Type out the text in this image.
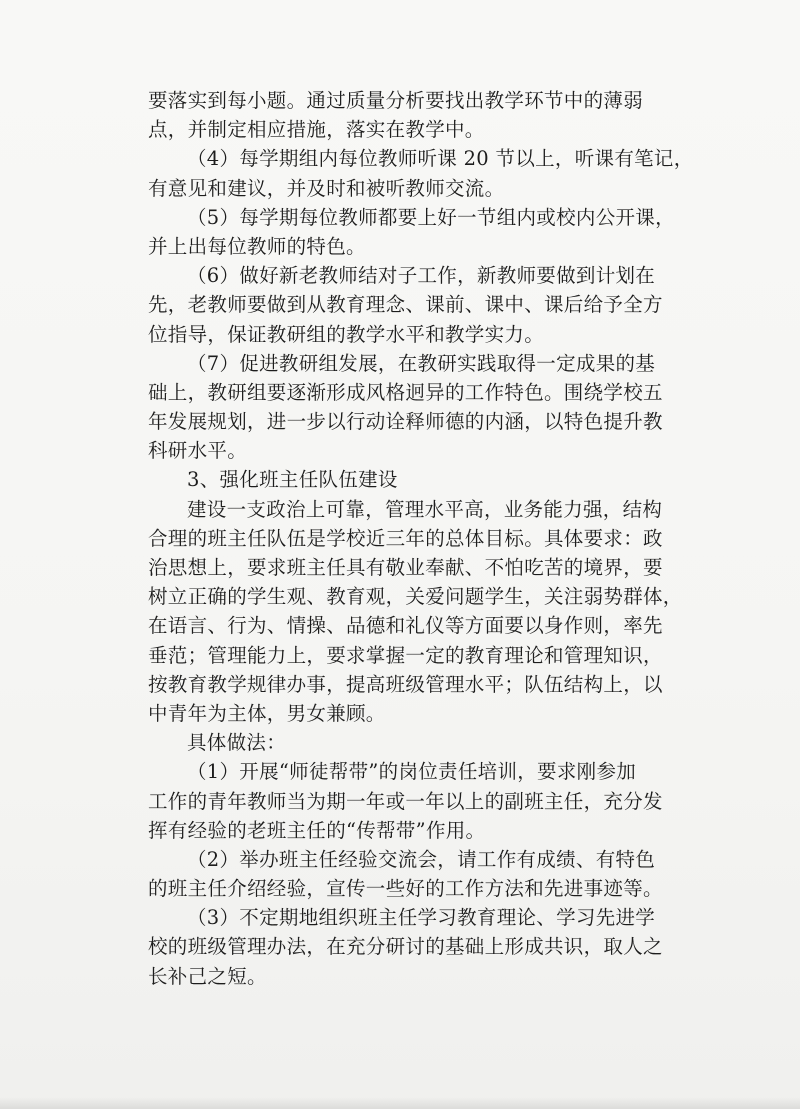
要落实到每小题。通过质量分析要找出教学环节中的薄弱
点，并制定相应措施，落实在教学中。
（4）每学期组内每位教师听课 20 节以上，听课有笔记，
有意见和建议，并及时和被听教师交流。
（5）每学期每位教师都要上好一节组内或校内公开课，
并上出每位教师的特色。
（6）做好新老教师结对子工作，新教师要做到计划在
先，老教师要做到从教育理念、课前、课中、课后给予全方
位指导，保证教研组的教学水平和教学实力。
（7）促进教研组发展，在教研实践取得一定成果的基
础上，教研组要逐渐形成风格迥异的工作特色。围绕学校五
年发展规划，进一步以行动诠释师德的内涵，以特色提升教
科研水平。
3、强化班主任队伍建设
建设一支政治上可靠，管理水平高，业务能力强，结构
合理的班主任队伍是学校近三年的总体目标。具体要求：政
治思想上，要求班主任具有敬业奉献、不怕吃苦的境界，要
树立正确的学生观、教育观，关爱问题学生，关注弱势群体，
在语言、行为、情操、品德和礼仪等方面要以身作则，率先
垂范；管理能力上，要求掌握一定的教育理论和管理知识，
按教育教学规律办事，提高班级管理水平；队伍结构上，以
中青年为主体，男女兼顾。
具体做法：
（1）开展“师徒帮带”的岗位责任培训，要求刚参加
工作的青年教师当为期一年或一年以上的副班主任，充分发
挥有经验的老班主任的“传帮带”作用。
（2）举办班主任经验交流会，请工作有成绩、有特色
的班主任介绍经验，宣传一些好的工作方法和先进事迹等。
（3）不定期地组织班主任学习教育理论、学习先进学
校的班级管理办法，在充分研讨的基础上形成共识，取人之
长补己之短。
